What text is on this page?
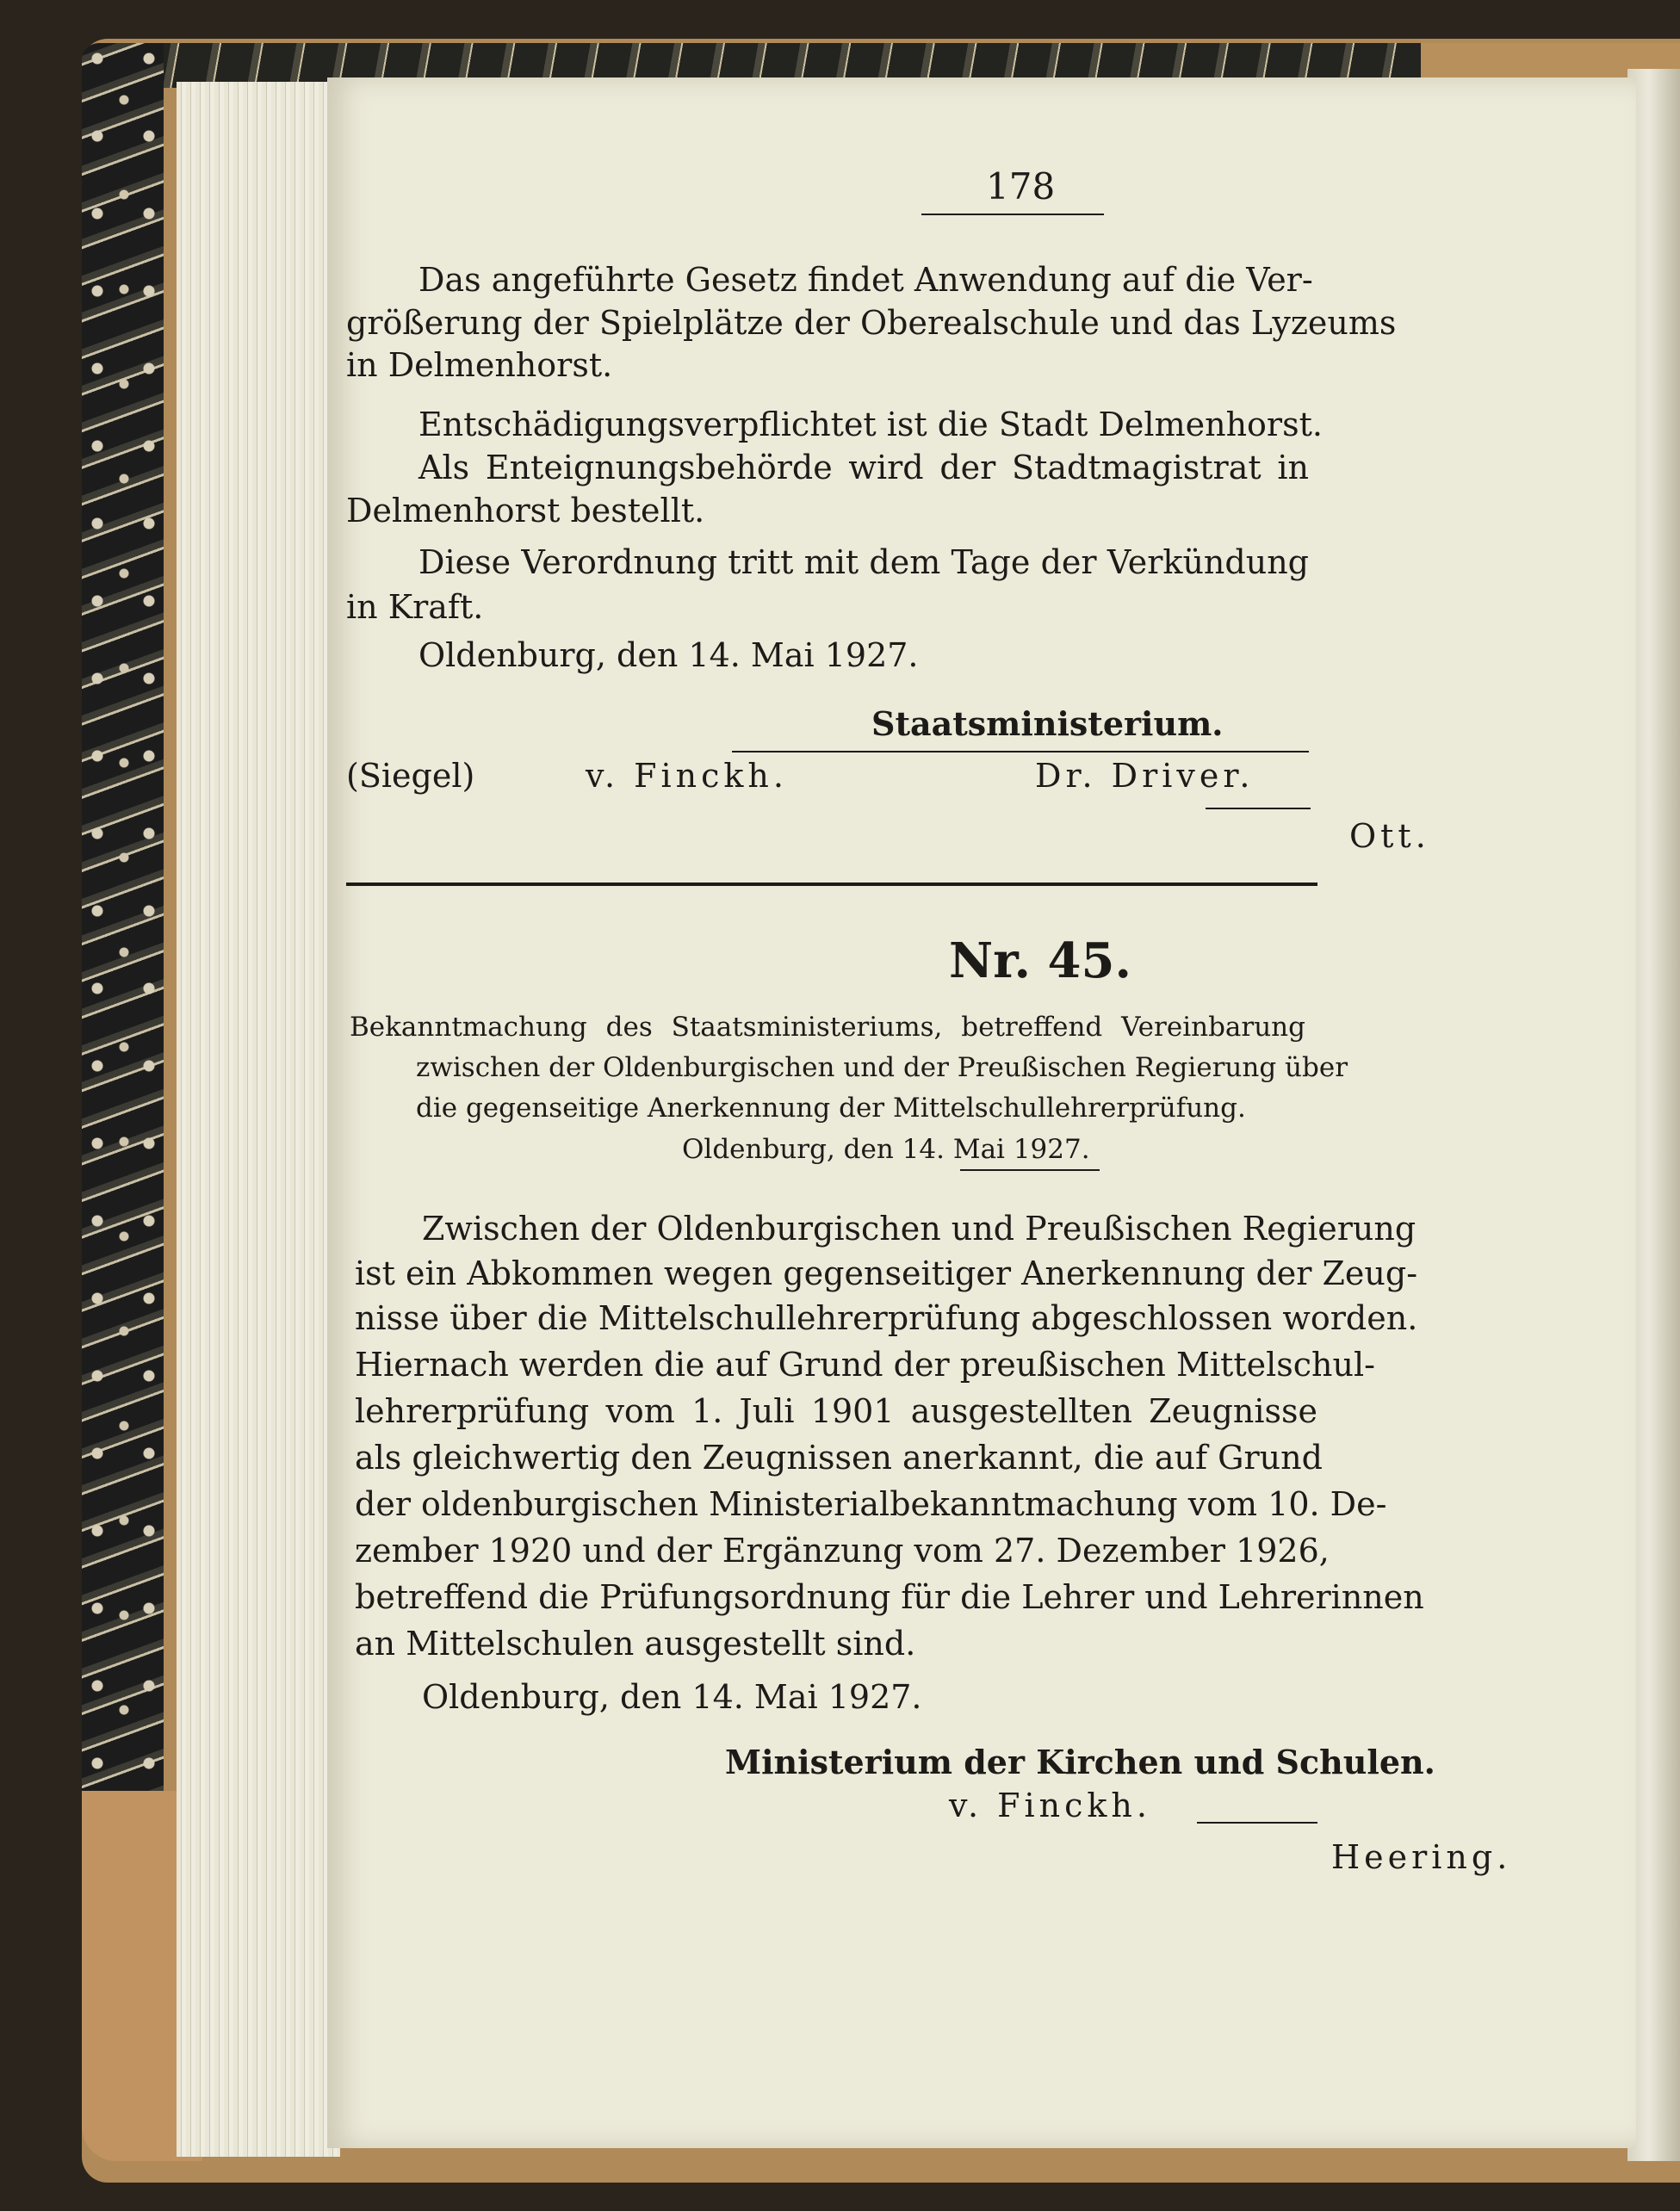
178
Das angeführte Gesetz findet Anwendung auf die Ver-
größerung der Spielplätze der Oberealschule und das Lyzeums
in Delmenhorst.
Entschädigungsverpflichtet ist die Stadt Delmenhorst.
Als Enteignungsbehörde wird der Stadtmagistrat in
Delmenhorst bestellt.
Diese Verordnung tritt mit dem Tage der Verkündung
in Kraft.
Oldenburg, den 14. Mai 1927.
Staatsministerium.
(Siegel)	v. Finckh.	Dr. Driver.
Ott.
Nr. 45.
Bekanntmachung des Staatsministeriums, betreffend Vereinbarung
zwischen der Oldenburgischen und der Preußischen Regierung über
die gegenseitige Anerkennung der Mittelschullehrerprüfung.
Oldenburg, den 14. Mai 1927.
Zwischen der Oldenburgischen und Preußischen Regierung
ist ein Abkommen wegen gegenseitiger Anerkennung der Zeug-
nisse über die Mittelschullehrerprüfung abgeschlossen worden.
Hiernach werden die auf Grund der preußischen Mittelschul-
lehrerprüfung vom 1. Juli 1901 ausgestellten Zeugnisse
als gleichwertig den Zeugnissen anerkannt, die auf Grund
der oldenburgischen Ministerialbekanntmachung vom 10. De-
zember 1920 und der Ergänzung vom 27. Dezember 1926,
betreffend die Prüfungsordnung für die Lehrer und Lehrerinnen
an Mittelschulen ausgestellt sind.
Oldenburg, den 14. Mai 1927.
Ministerium der Kirchen und Schulen.
v. Finckh.
Heering.
